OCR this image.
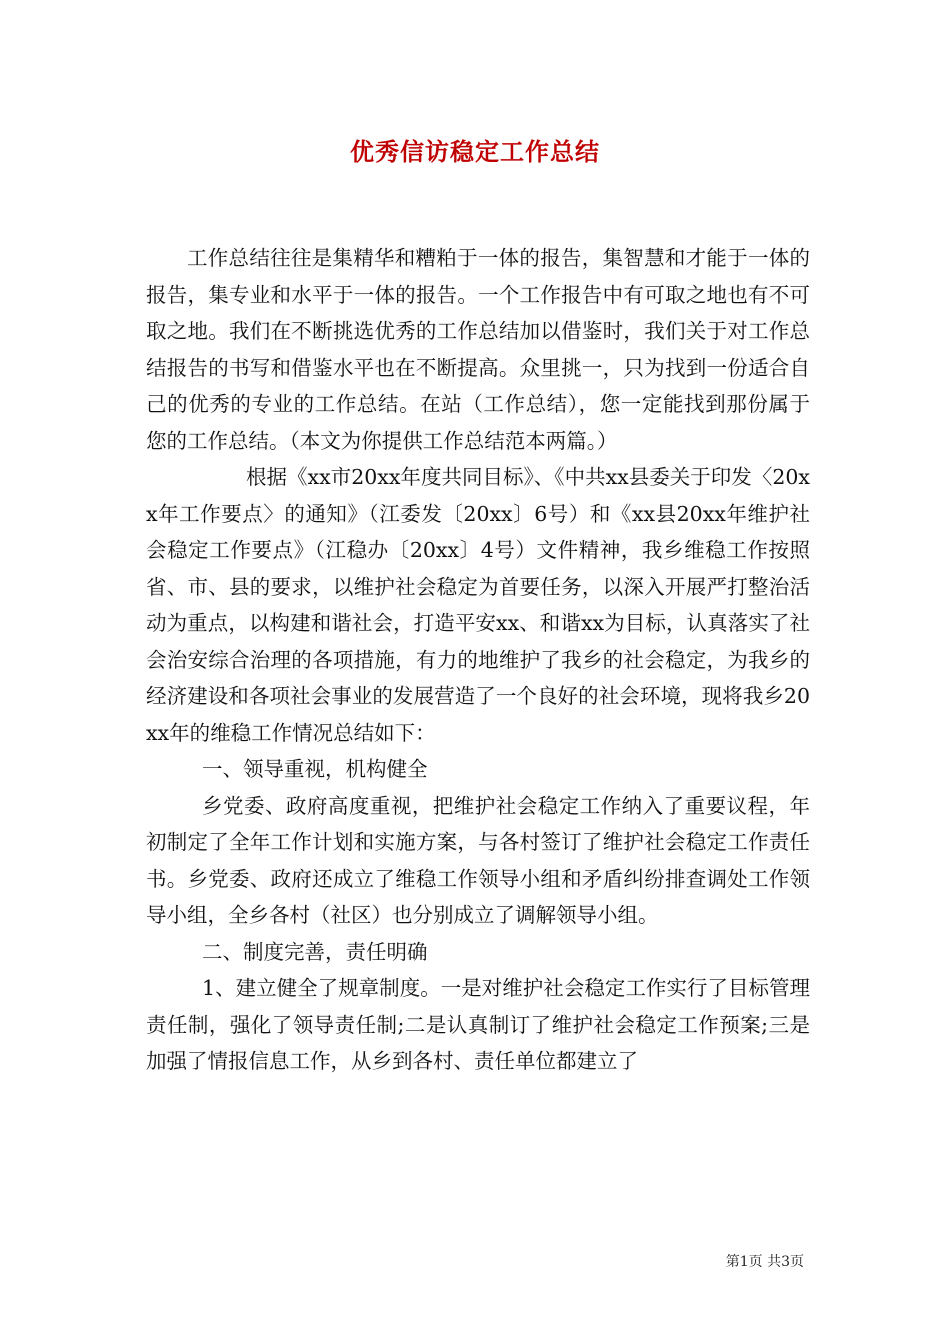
优秀信访稳定工作总结

工作总结往往是集精华和糟粕于一体的报告，集智慧和才能于一体的报告，集专业和水平于一体的报告。一个工作报告中有可取之地也有不可取之地。我们在不断挑选优秀的工作总结加以借鉴时，我们关于对工作总结报告的书写和借鉴水平也在不断提高。众里挑一，只为找到一份适合自己的优秀的专业的工作总结。在站（工作总结），您一定能找到那份属于您的工作总结。（本文为你提供工作总结范本两篇。）

根据《xx市20xx年度共同目标》、《中共xx县委关于印发〈20xx年工作要点〉的通知》（江委发〔20xx〕6号）和《xx县20xx年维护社会稳定工作要点》（江稳办〔20xx〕4号）文件精神，我乡维稳工作按照省、市、县的要求，以维护社会稳定为首要任务，以深入开展严打整治活动为重点，以构建和谐社会，打造平安xx、和谐xx为目标，认真落实了社会治安综合治理的各项措施，有力的地维护了我乡的社会稳定，为我乡的经济建设和各项社会事业的发展营造了一个良好的社会环境，现将我乡20xx年的维稳工作情况总结如下：

一、领导重视，机构健全

乡党委、政府高度重视，把维护社会稳定工作纳入了重要议程，年初制定了全年工作计划和实施方案，与各村签订了维护社会稳定工作责任书。乡党委、政府还成立了维稳工作领导小组和矛盾纠纷排查调处工作领导小组，全乡各村（社区）也分别成立了调解领导小组。

二、制度完善，责任明确

1、建立健全了规章制度。一是对维护社会稳定工作实行了目标管理责任制，强化了领导责任制;二是认真制订了维护社会稳定工作预案;三是加强了情报信息工作，从乡到各村、责任单位都建立了

第1页 共3页
